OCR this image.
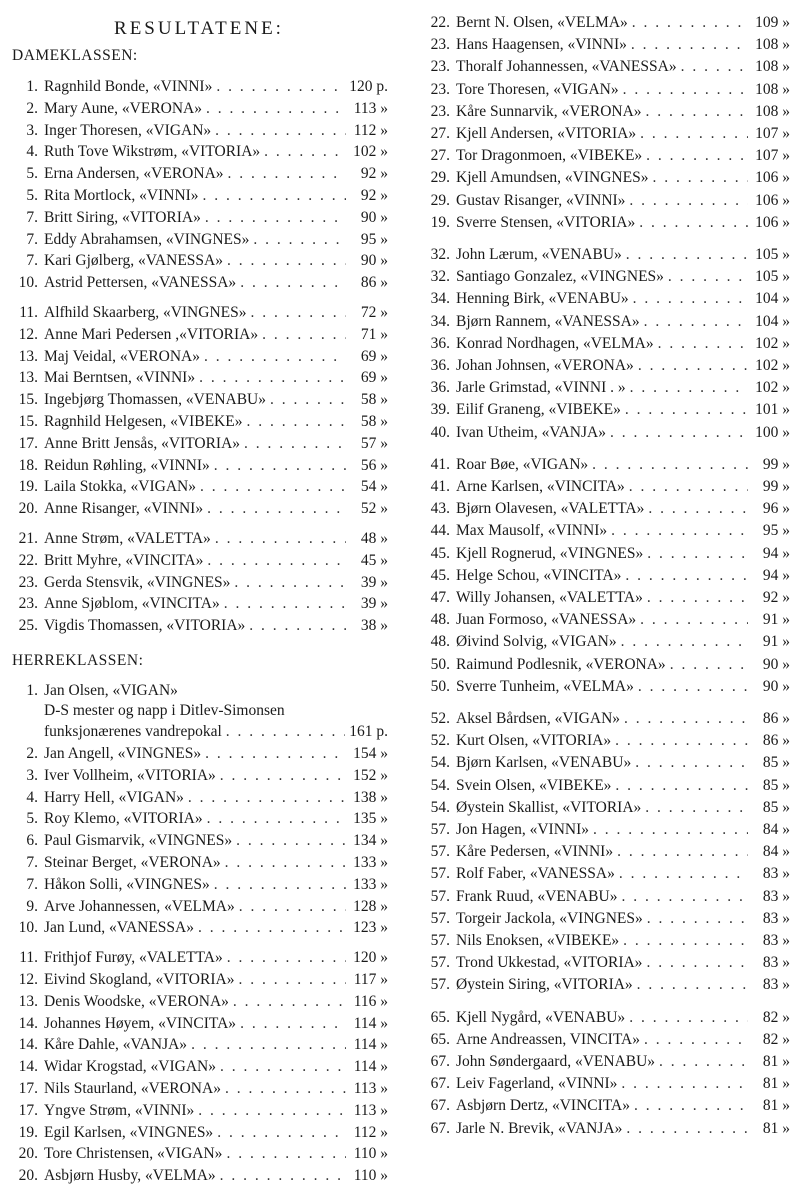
RESULTATENE:
DAMEKLASSEN:
1. Ragnhild Bonde, «VINNI» . . .	120 p.
2. Mary Aune, «VERONA» . . .	113 »
3. Inger Thoresen, «VIGAN» . . .	112 »
4. Ruth Tove Wikstrøm, «VITORIA» . . .	102 »
5. Erna Andersen, «VERONA» . . .	92 »
5. Rita Mortlock, «VINNI» . . .	92 »
7. Britt Siring, «VITORIA» . . .	90 »
7. Eddy Abrahamsen, «VINGNES» . . .	95 »
7. Kari Gjølberg, «VANESSA» . . .	90 »
10. Astrid Pettersen, «VANESSA» . . .	86 »
11. Alfhild Skaarberg, «VINGNES» . . .	72 »
12. Anne Mari Pedersen ,«VITORIA» . . .	71 »
13. Maj Veidal, «VERONA» . . .	69 »
13. Mai Berntsen, «VINNI» . . .	69 »
15. Ingebjørg Thomassen, «VENABU» . . .	58 »
15. Ragnhild Helgesen, «VIBEKE» . . .	58 »
17. Anne Britt Jensås, «VITORIA» . . .	57 »
18. Reidun Røhling, «VINNI» . . .	56 »
19. Laila Stokka, «VIGAN» . . .	54 »
20. Anne Risanger, «VINNI» . . .	52 »
21. Anne Strøm, «VALETTA» . . .	48 »
22. Britt Myhre, «VINCITA» . . .	45 »
23. Gerda Stensvik, «VINGNES» . . .	39 »
23. Anne Sjøblom, «VINCITA» . . .	39 »
25. Vigdis Thomassen, «VITORIA» . . .	38 »
HERREKLASSEN:
1. Jan Olsen, «VIGAN»
D-S mester og napp i Ditlev-Simonsen
funksjonærenes vandrepokal . . .	161 p.
2. Jan Angell, «VINGNES» . . .	154 »
3. Iver Vollheim, «VITORIA» . . .	152 »
4. Harry Hell, «VIGAN» . . .	138 »
5. Roy Klemo, «VITORIA» . . .	135 »
6. Paul Gismarvik, «VINGNES» . . .	134 »
7. Steinar Berget, «VERONA» . . .	133 »
7. Håkon Solli, «VINGNES» . . .	133 »
9. Arve Johannessen, «VELMA» . . .	128 »
10. Jan Lund, «VANESSA» . . .	123 »
11. Frithjof Furøy, «VALETTA» . . .	120 »
12. Eivind Skogland, «VITORIA» . . .	117 »
13. Denis Woodske, «VERONA» . . .	116 »
14. Johannes Høyem, «VINCITA» . . .	114 »
14. Kåre Dahle, «VANJA» . . .	114 »
14. Widar Krogstad, «VIGAN» . . .	114 »
17. Nils Staurland, «VERONA» . . .	113 »
17. Yngve Strøm, «VINNI» . . .	113 »
19. Egil Karlsen, «VINGNES» . . .	112 »
20. Tore Christensen, «VIGAN» . . .	110 »
20. Asbjørn Husby, «VELMA» . . .	110 »
22. Bernt N. Olsen, «VELMA» . . .	109 »
23. Hans Haagensen, «VINNI» . . .	108 »
23. Thoralf Johannessen, «VANESSA» . . .	108 »
23. Tore Thoresen, «VIGAN» . . .	108 »
23. Kåre Sunnarvik, «VERONA» . . .	108 »
27. Kjell Andersen, «VITORIA» . . .	107 »
27. Tor Dragonmoen, «VIBEKE» . . .	107 »
29. Kjell Amundsen, «VINGNES» . . .	106 »
29. Gustav Risanger, «VINNI» . . .	106 »
19. Sverre Stensen, «VITORIA» . . .	106 »
32. John Lærum, «VENABU» . . .	105 »
32. Santiago Gonzalez, «VINGNES» . . .	105 »
34. Henning Birk, «VENABU» . . .	104 »
34. Bjørn Rannem, «VANESSA» . . .	104 »
36. Konrad Nordhagen, «VELMA» . . .	102 »
36. Johan Johnsen, «VERONA» . . .	102 »
36. Jarle Grimstad, «VINNI . » . . .	102 »
39. Eilif Graneng, «VIBEKE» . . .	101 »
40. Ivan Utheim, «VANJA» . . .	100 »
41. Roar Bøe, «VIGAN» . . .	99 »
41. Arne Karlsen, «VINCITA» . . .	99 »
43. Bjørn Olavesen, «VALETTA» . . .	96 »
44. Max Mausolf, «VINNI» . . .	95 »
45. Kjell Rognerud, «VINGNES» . . .	94 »
45. Helge Schou, «VINCITA» . . .	94 »
47. Willy Johansen, «VALETTA» . . .	92 »
48. Juan Formoso, «VANESSA» . . .	91 »
48. Øivind Solvig, «VIGAN» . . .	91 »
50. Raimund Podlesnik, «VERONA» . . .	90 »
50. Sverre Tunheim, «VELMA» . . .	90 »
52. Aksel Bårdsen, «VIGAN» . . .	86 »
52. Kurt Olsen, «VITORIA» . . .	86 »
54. Bjørn Karlsen, «VENABU» . . .	85 »
54. Svein Olsen, «VIBEKE» . . .	85 »
54. Øystein Skallist, «VITORIA» . . .	85 »
57. Jon Hagen, «VINNI» . . .	84 »
57. Kåre Pedersen, «VINNI» . . .	84 »
57. Rolf Faber, «VANESSA» . . .	83 »
57. Frank Ruud, «VENABU» . . .	83 »
57. Torgeir Jackola, «VINGNES» . . .	83 »
57. Nils Enoksen, «VIBEKE» . . .	83 »
57. Trond Ukkestad, «VITORIA» . . .	83 »
57. Øystein Siring, «VITORIA» . . .	83 »
65. Kjell Nygård, «VENABU» . . .	82 »
65. Arne Andreassen, VINCITA» . . .	82 »
67. John Søndergaard, «VENABU» . . .	81 »
67. Leiv Fagerland, «VINNI» . . .	81 »
67. Asbjørn Dertz, «VINCITA» . . .	81 »
67. Jarle N. Brevik, «VANJA» . . .	81 »
